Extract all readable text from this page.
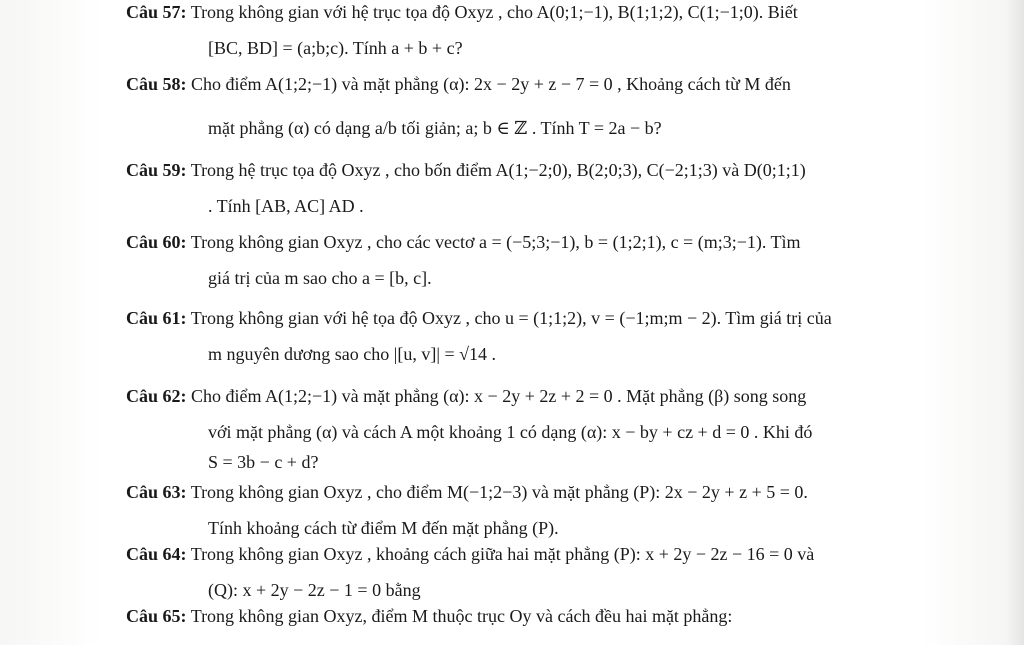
Câu 57: Trong không gian với hệ trục tọa độ Oxyz , cho A(0;1;−1), B(1;1;2), C(1;−1;0). Biết
[BC, BD] = (a;b;c). Tính a + b + c?
Câu 58: Cho điểm A(1;2;−1) và mặt phẳng (α): 2x − 2y + z − 7 = 0 , Khoảng cách từ M đến
mặt phẳng (α) có dạng a/b tối giản; a; b ∈ ℤ . Tính T = 2a − b?
Câu 59: Trong hệ trục tọa độ Oxyz , cho bốn điểm A(1;−2;0), B(2;0;3), C(−2;1;3) và D(0;1;1)
. Tính [AB, AC] AD .
Câu 60: Trong không gian Oxyz , cho các vectơ a = (−5;3;−1), b = (1;2;1), c = (m;3;−1). Tìm
giá trị của m sao cho a = [b, c].
Câu 61: Trong không gian với hệ tọa độ Oxyz , cho u = (1;1;2), v = (−1;m;m − 2). Tìm giá trị của
m nguyên dương sao cho |[u, v]| = √14 .
Câu 62: Cho điểm A(1;2;−1) và mặt phẳng (α): x − 2y + 2z + 2 = 0 . Mặt phẳng (β) song song
với mặt phẳng (α) và cách A một khoảng 1 có dạng (α): x − by + cz + d = 0 . Khi đó
S = 3b − c + d?
Câu 63: Trong không gian Oxyz , cho điểm M(−1;2−3) và mặt phẳng (P): 2x − 2y + z + 5 = 0.
Tính khoảng cách từ điểm M đến mặt phẳng (P).
Câu 64: Trong không gian Oxyz , khoảng cách giữa hai mặt phẳng (P): x + 2y − 2z − 16 = 0 và
(Q): x + 2y − 2z − 1 = 0 bằng
Câu 65: Trong không gian Oxyz, điểm M thuộc trục Oy và cách đều hai mặt phẳng:
